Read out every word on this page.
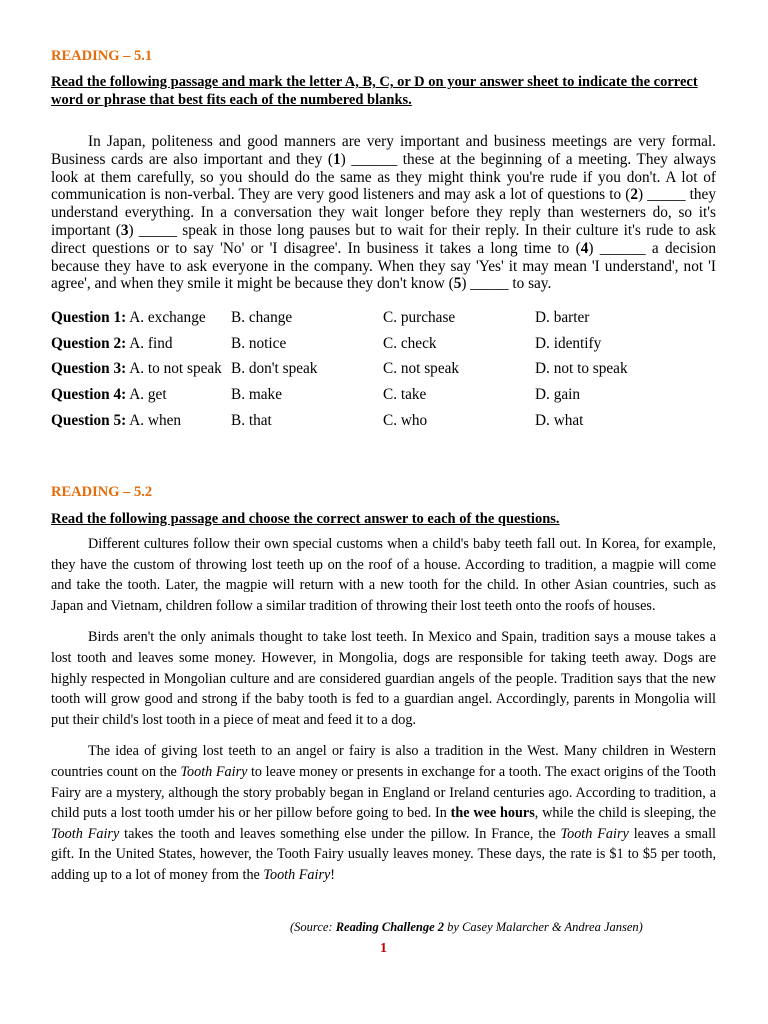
READING – 5.1

Read the following passage and mark the letter A, B, C, or D on your answer sheet to indicate the correct word or phrase that best fits each of the numbered blanks.

In Japan, politeness and good manners are very important and business meetings are very formal. Business cards are also important and they (1) ______ these at the beginning of a meeting. They always look at them carefully, so you should do the same as they might think you're rude if you don't. A lot of communication is non-verbal. They are very good listeners and may ask a lot of questions to (2) _____ they understand everything. In a conversation they wait longer before they reply than westerners do, so it's important (3) _____ speak in those long pauses but to wait for their reply. In their culture it's rude to ask direct questions or to say 'No' or 'I disagree'. In business it takes a long time to (4) ______ a decision because they have to ask everyone in the company. When they say 'Yes' it may mean 'I understand', not 'I agree', and when they smile it might be because they don't know (5) _____ to say.

Question 1: A. exchange	B. change	C. purchase	D. barter
Question 2: A. find	B. notice	C. check	D. identify
Question 3: A. to not speak	B. don't speak	C. not speak	D. not to speak
Question 4: A. get	B. make	C. take	D. gain
Question 5: A. when	B. that	C. who	D. what

READING – 5.2

Read the following passage and choose the correct answer to each of the questions.

Different cultures follow their own special customs when a child's baby teeth fall out. In Korea, for example, they have the custom of throwing lost teeth up on the roof of a house. According to tradition, a magpie will come and take the tooth. Later, the magpie will return with a new tooth for the child. In other Asian countries, such as Japan and Vietnam, children follow a similar tradition of throwing their lost teeth onto the roofs of houses.

Birds aren't the only animals thought to take lost teeth. In Mexico and Spain, tradition says a mouse takes a lost tooth and leaves some money. However, in Mongolia, dogs are responsible for taking teeth away. Dogs are highly respected in Mongolian culture and are considered guardian angels of the people. Tradition says that the new tooth will grow good and strong if the baby tooth is fed to a guardian angel. Accordingly, parents in Mongolia will put their child's lost tooth in a piece of meat and feed it to a dog.

The idea of giving lost teeth to an angel or fairy is also a tradition in the West. Many children in Western countries count on the Tooth Fairy to leave money or presents in exchange for a tooth. The exact origins of the Tooth Fairy are a mystery, although the story probably began in England or Ireland centuries ago. According to tradition, a child puts a lost tooth umder his or her pillow before going to bed. In the wee hours, while the child is sleeping, the Tooth Fairy takes the tooth and leaves something else under the pillow. In France, the Tooth Fairy leaves a small gift. In the United States, however, the Tooth Fairy usually leaves money. These days, the rate is $1 to $5 per tooth, adding up to a lot of money from the Tooth Fairy!

(Source: Reading Challenge 2 by Casey Malarcher & Andrea Jansen)
1
